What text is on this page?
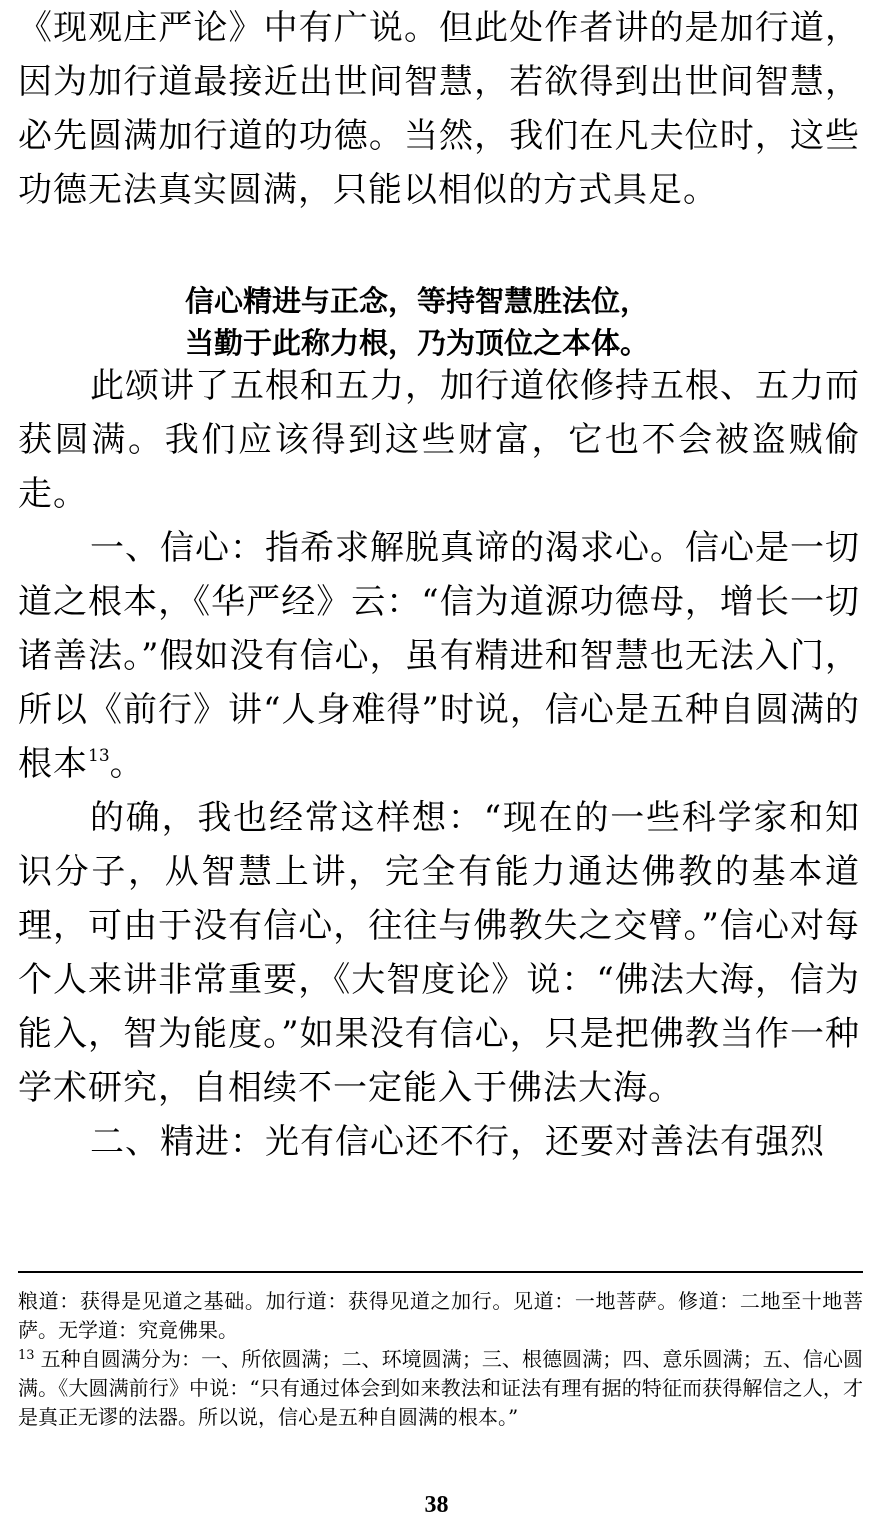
《现观庄严论》中有广说。但此处作者讲的是加行道，因为加行道最接近出世间智慧，若欲得到出世间智慧，必先圆满加行道的功德。当然，我们在凡夫位时，这些功德无法真实圆满，只能以相似的方式具足。

信心精进与正念，等持智慧胜法位，
当勤于此称力根，乃为顶位之本体。

此颂讲了五根和五力，加行道依修持五根、五力而获圆满。我们应该得到这些财富，它也不会被盗贼偷走。

一、信心：指希求解脱真谛的渴求心。信心是一切道之根本，《华严经》云：“信为道源功德母，增长一切诸善法。”假如没有信心，虽有精进和智慧也无法入门，所以《前行》讲“人身难得”时说，信心是五种自圆满的根本$^{13}$。

的确，我也经常这样想：“现在的一些科学家和知识分子，从智慧上讲，完全有能力通达佛教的基本道理，可由于没有信心，往往与佛教失之交臂。”信心对每个人来讲非常重要，《大智度论》说：“佛法大海，信为能入，智为能度。”如果没有信心，只是把佛教当作一种学术研究，自相续不一定能入于佛法大海。

二、精进：光有信心还不行，还要对善法有强烈

粮道：获得是见道之基础。加行道：获得见道之加行。见道：一地菩萨。修道：二地至十地菩萨。无学道：究竟佛果。

$^{13}$ 五种自圆满分为：一、所依圆满；二、环境圆满；三、根德圆满；四、意乐圆满；五、信心圆满。《大圆满前行》中说：“只有通过体会到如来教法和证法有理有据的特征而获得解信之人，才是真正无谬的法器。所以说，信心是五种自圆满的根本。”

38
